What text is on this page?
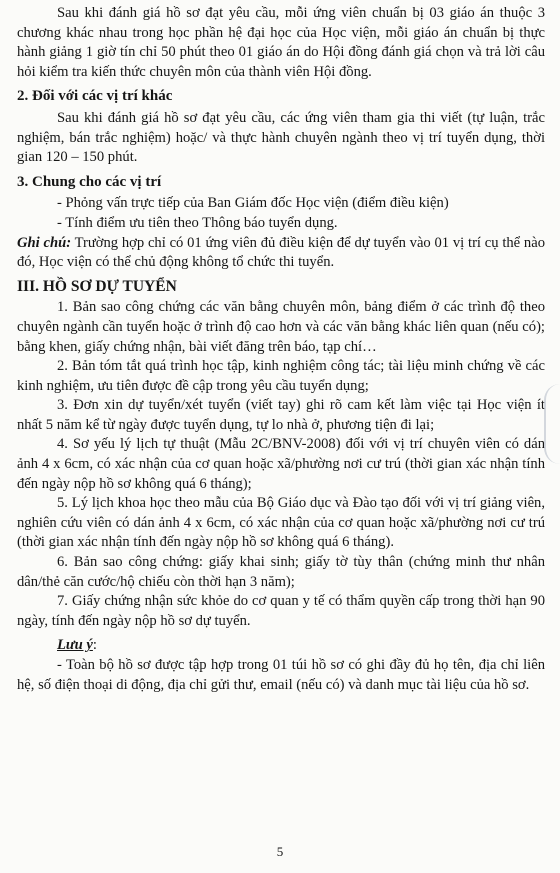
Sau khi đánh giá hồ sơ đạt yêu cầu, mỗi ứng viên chuẩn bị 03 giáo án thuộc 3 chương khác nhau trong học phần hệ đại học của Học viện, mỗi giáo án chuẩn bị thực hành giảng 1 giờ tín chỉ 50 phút theo 01 giáo án do Hội đồng đánh giá chọn và trả lời câu hỏi kiểm tra kiến thức chuyên môn của thành viên Hội đồng.

2. Đối với các vị trí khác

Sau khi đánh giá hồ sơ đạt yêu cầu, các ứng viên tham gia thi viết (tự luận, trắc nghiệm, bán trắc nghiệm) hoặc/ và thực hành chuyên ngành theo vị trí tuyển dụng, thời gian 120 – 150 phút.

3. Chung cho các vị trí

- Phỏng vấn trực tiếp của Ban Giám đốc Học viện (điểm điều kiện)

- Tính điểm ưu tiên theo Thông báo tuyển dụng.

Ghi chú: Trường hợp chỉ có 01 ứng viên đủ điều kiện để dự tuyển vào 01 vị trí cụ thể nào đó, Học viện có thể chủ động không tổ chức thi tuyển.

III. HỒ SƠ DỰ TUYỂN

1. Bản sao công chứng các văn bằng chuyên môn, bảng điểm ở các trình độ theo chuyên ngành cần tuyển hoặc ở trình độ cao hơn và các văn bằng khác liên quan (nếu có); bằng khen, giấy chứng nhận, bài viết đăng trên báo, tạp chí…

2. Bản tóm tắt quá trình học tập, kinh nghiệm công tác; tài liệu minh chứng về các kinh nghiệm, ưu tiên được đề cập trong yêu cầu tuyển dụng;

3. Đơn xin dự tuyển/xét tuyển (viết tay) ghi rõ cam kết làm việc tại Học viện ít nhất 5 năm kể từ ngày được tuyển dụng, tự lo nhà ở, phương tiện đi lại;

4. Sơ yếu lý lịch tự thuật (Mẫu 2C/BNV-2008) đối với vị trí chuyên viên có dán ảnh 4 x 6cm, có xác nhận của cơ quan hoặc xã/phường nơi cư trú (thời gian xác nhận tính đến ngày nộp hồ sơ không quá 6 tháng);

5. Lý lịch khoa học theo mẫu của Bộ Giáo dục và Đào tạo đối với vị trí giảng viên, nghiên cứu viên có dán ảnh 4 x 6cm, có xác nhận của cơ quan hoặc xã/phường nơi cư trú (thời gian xác nhận tính đến ngày nộp hồ sơ không quá 6 tháng).

6. Bản sao công chứng: giấy khai sinh; giấy tờ tùy thân (chứng minh thư nhân dân/thẻ căn cước/hộ chiếu còn thời hạn 3 năm);

7. Giấy chứng nhận sức khỏe do cơ quan y tế có thẩm quyền cấp trong thời hạn 90 ngày, tính đến ngày nộp hồ sơ dự tuyển.

Lưu ý:

- Toàn bộ hồ sơ được tập hợp trong 01 túi hồ sơ có ghi đầy đủ họ tên, địa chỉ liên hệ, số điện thoại di động, địa chỉ gửi thư, email (nếu có) và danh mục tài liệu của hồ sơ.

5
